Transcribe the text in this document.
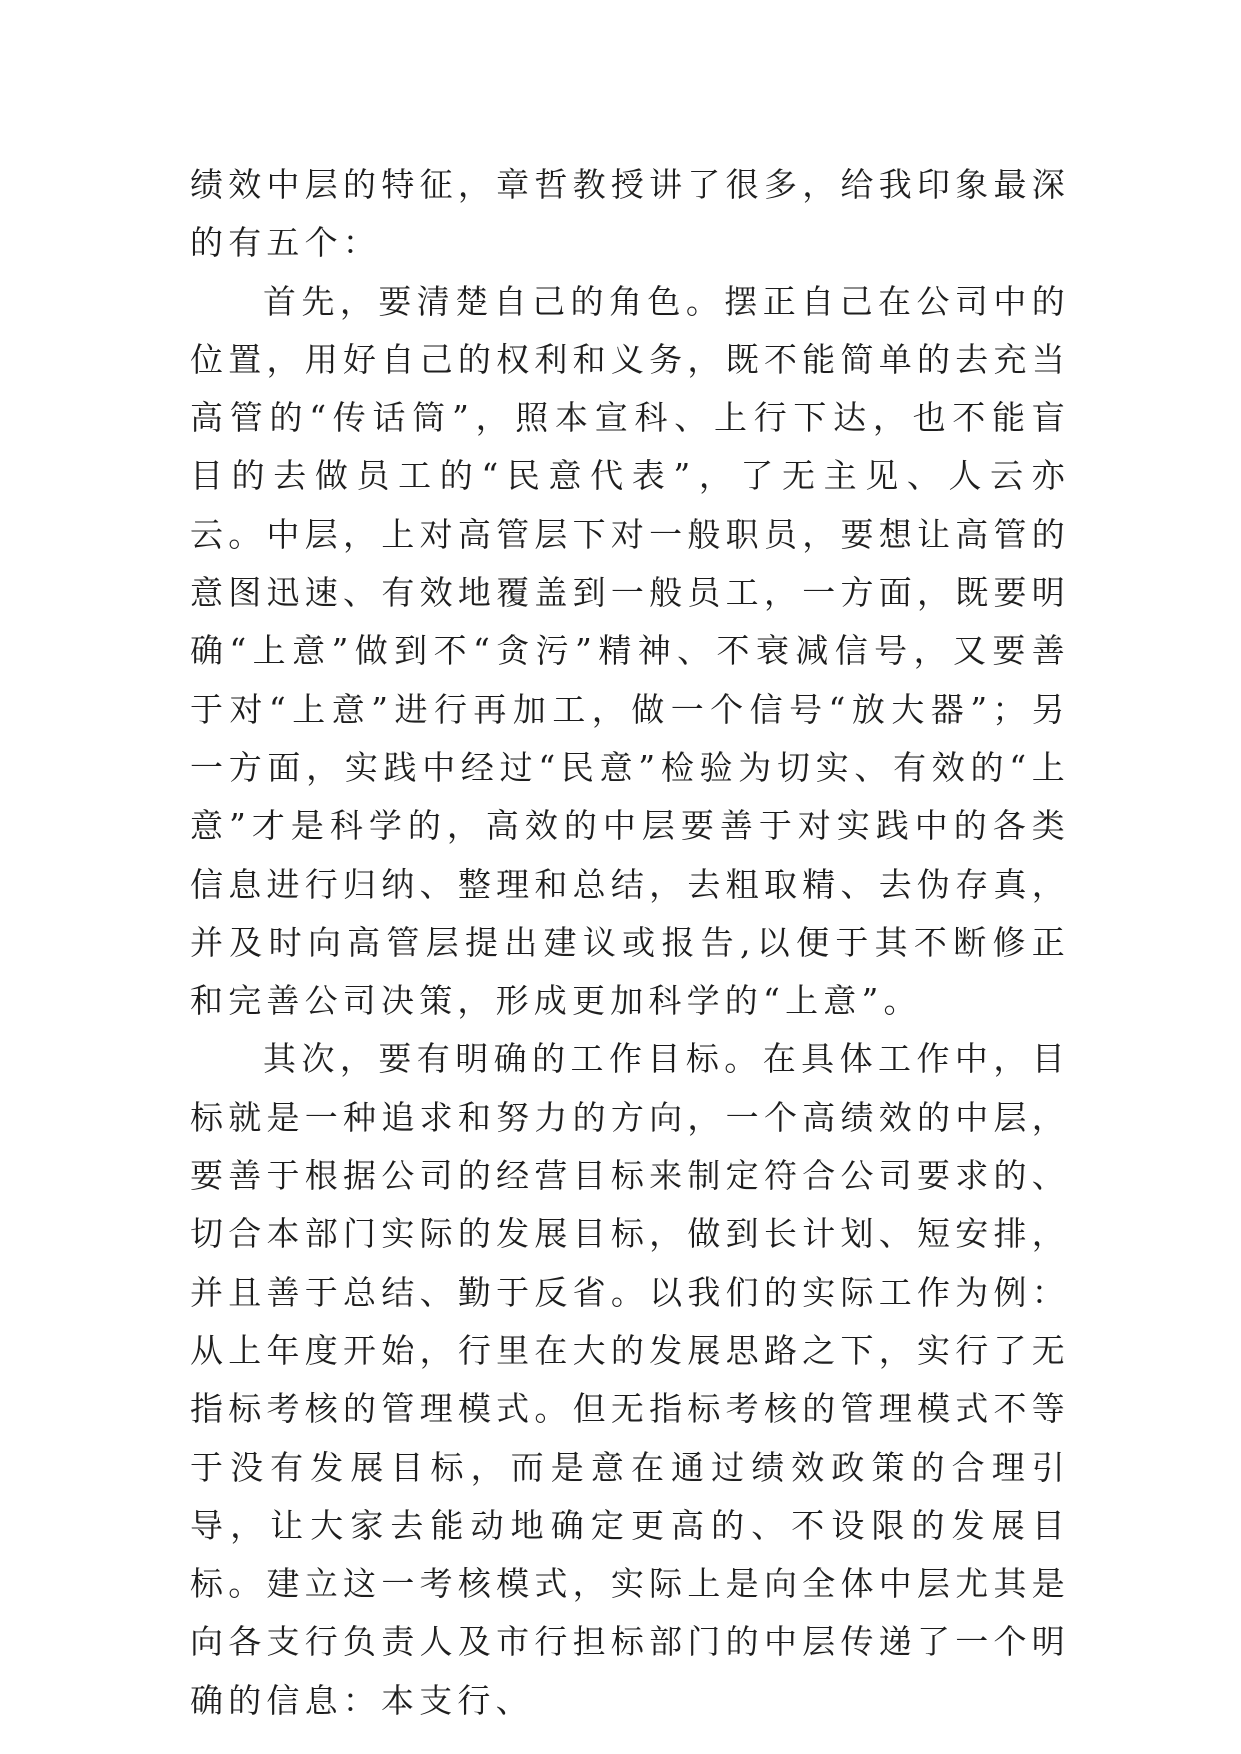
绩效中层的特征，章哲教授讲了很多，给我印象最深的有五个：

首先，要清楚自己的角色。摆正自己在公司中的位置，用好自己的权利和义务，既不能简单的去充当高管的“传话筒”，照本宣科、上行下达，也不能盲目的去做员工的“民意代表”，了无主见、人云亦云。中层，上对高管层下对一般职员，要想让高管的意图迅速、有效地覆盖到一般员工，一方面，既要明确“上意”做到不“贪污”精神、不衰减信号，又要善于对“上意”进行再加工，做一个信号“放大器”；另一方面，实践中经过“民意”检验为切实、有效的“上意”才是科学的，高效的中层要善于对实践中的各类信息进行归纳、整理和总结，去粗取精、去伪存真，并及时向高管层提出建议或报告,以便于其不断修正和完善公司决策，形成更加科学的“上意”。

其次，要有明确的工作目标。在具体工作中，目标就是一种追求和努力的方向，一个高绩效的中层，要善于根据公司的经营目标来制定符合公司要求的、切合本部门实际的发展目标，做到长计划、短安排，并且善于总结、勤于反省。以我们的实际工作为例：从上年度开始，行里在大的发展思路之下，实行了无指标考核的管理模式。但无指标考核的管理模式不等于没有发展目标，而是意在通过绩效政策的合理引导，让大家去能动地确定更高的、不设限的发展目标。建立这一考核模式，实际上是向全体中层尤其是向各支行负责人及市行担标部门的中层传递了一个明确的信息：本支行、
